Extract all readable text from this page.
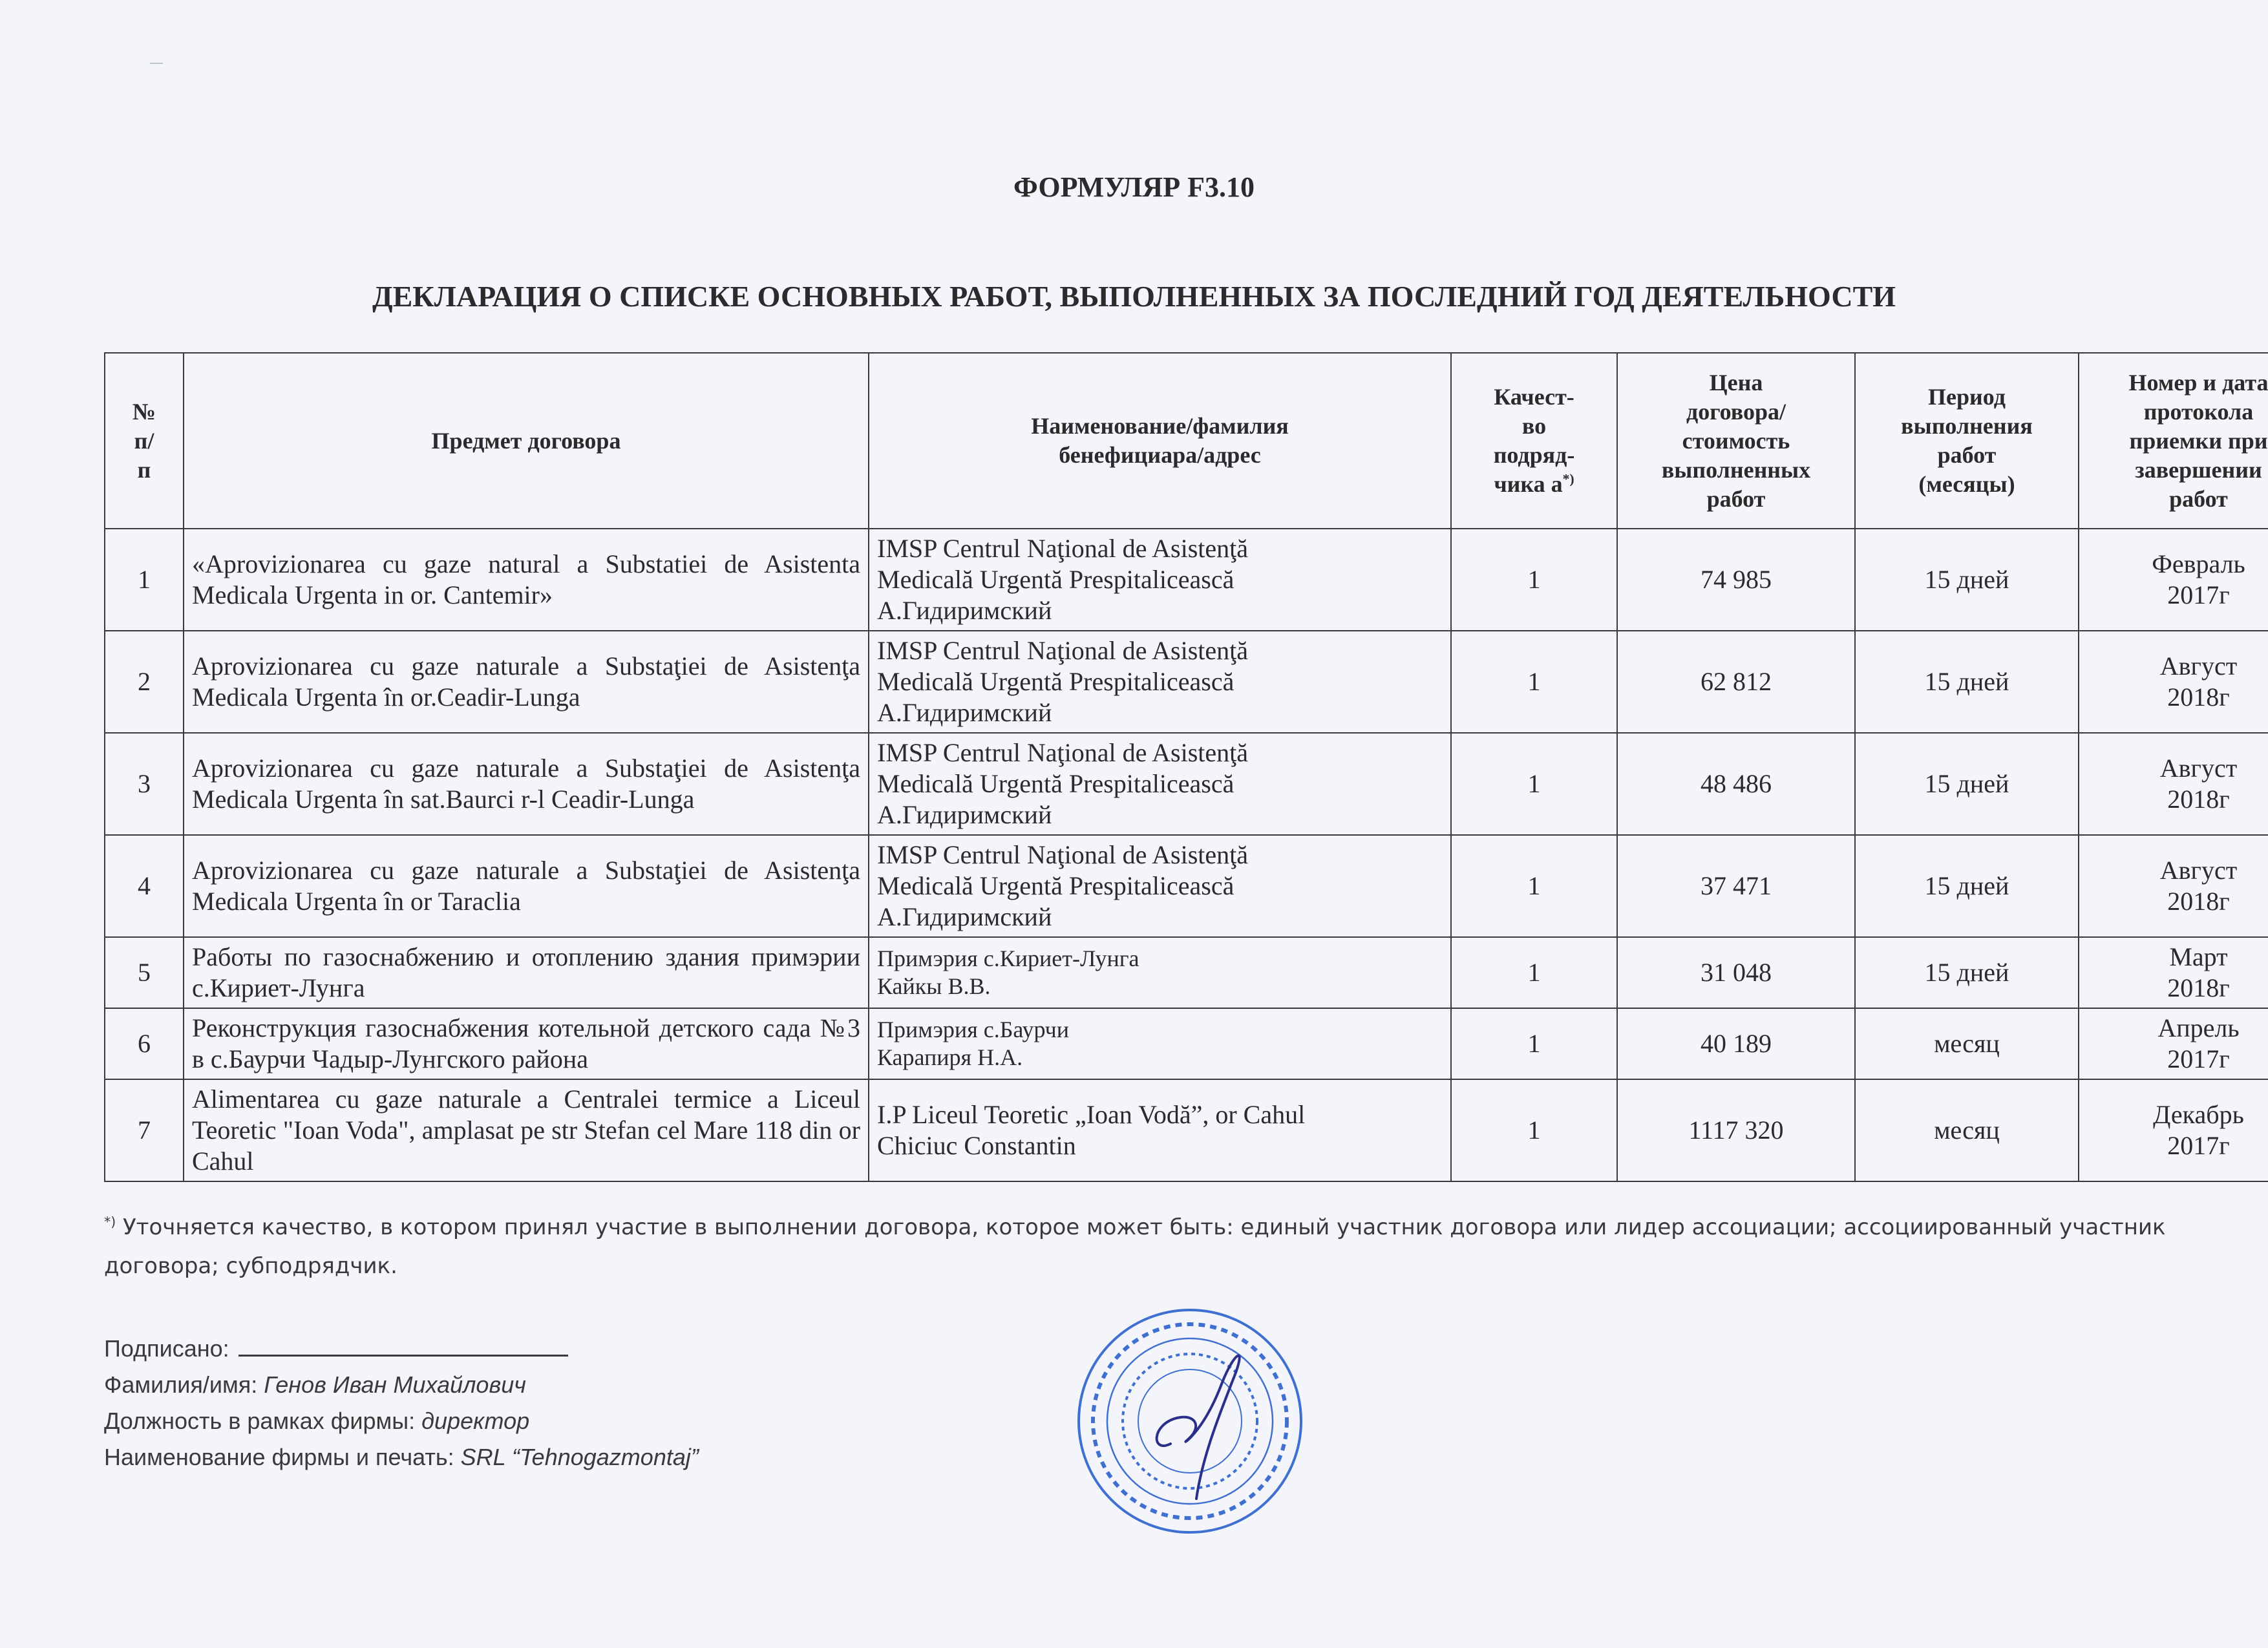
ФОРМУЛЯР F3.10
ДЕКЛАРАЦИЯ О СПИСКЕ ОСНОВНЫХ РАБОТ, ВЫПОЛНЕННЫХ ЗА ПОСЛЕДНИЙ ГОД ДЕЯТЕЛЬНОСТИ
№
п/
п	Предмет договора	Наименование/фамилия
бенефициара/адрес	Качест-
во
подряд-
чика а*)	Цена
договора/
стоимость
выполненных
работ	Период
выполнения
работ
(месяцы)	Номер и дата
протокола
приемки при
завершении
работ

1	«Aprovizionarea cu gaze natural a Substatiei de Asistenta Medicala Urgenta in or. Cantemir»	IMSP Centrul Naţional de Asistenţă
Medicală Urgentă Prespitalicească
А.Гидиримский	1	74 985	15 дней	Февраль
2017г

2	Aprovizionarea cu gaze naturale a Substaţiei de Asistenţa Medicala Urgenta în or.Ceadir-Lunga	IMSP Centrul Naţional de Asistenţă
Medicală Urgentă Prespitalicească
А.Гидиримский	1	62 812	15 дней	Август
2018г

3	Aprovizionarea cu gaze naturale a Substaţiei de Asistenţa Medicala Urgenta în sat.Baurci r-l Ceadir-Lunga	IMSP Centrul Naţional de Asistenţă
Medicală Urgentă Prespitalicească
А.Гидиримский	1	48 486	15 дней	Август
2018г

4	Aprovizionarea cu gaze naturale a Substaţiei de Asistenţa Medicala Urgenta în or Taraclia	IMSP Centrul Naţional de Asistenţă
Medicală Urgentă Prespitalicească
А.Гидиримский	1	37 471	15 дней	Август
2018г

5	Работы по газоснабжению и отоплению здания примэрии с.Кириет-Лунга	Примэрия с.Кириет-Лунга
Кайкы В.В.	1	31 048	15 дней	Март
2018г

6	Реконструкция газоснабжения котельной детского сада №3 в с.Баурчи Чадыр-Лунгского района	Примэрия с.Баурчи
Карапиря Н.А.	1	40 189	месяц	Апрель
2017г

7	Alimentarea cu gaze naturale a Centralei termice a Liceul Teoretic "Ioan Voda", amplasat pe str Stefan cel Mare 118 din or Cahul	I.P Liceul Teoretic „Ioan Vodă”, or Cahul
Chiciuc Constantin	1	1117 320	месяц	Декабрь
2017г
*) Уточняется качество, в котором принял участие в выполнении договора, которое может быть: единый участник договора или лидер ассоциации; ассоциированный участник договора; субподрядчик.
Подписано:
Фамилия/имя: Генов Иван Михайлович
Должность в рамках фирмы: директор
Наименование фирмы и печать: SRL “Tehnogazmontaj”
